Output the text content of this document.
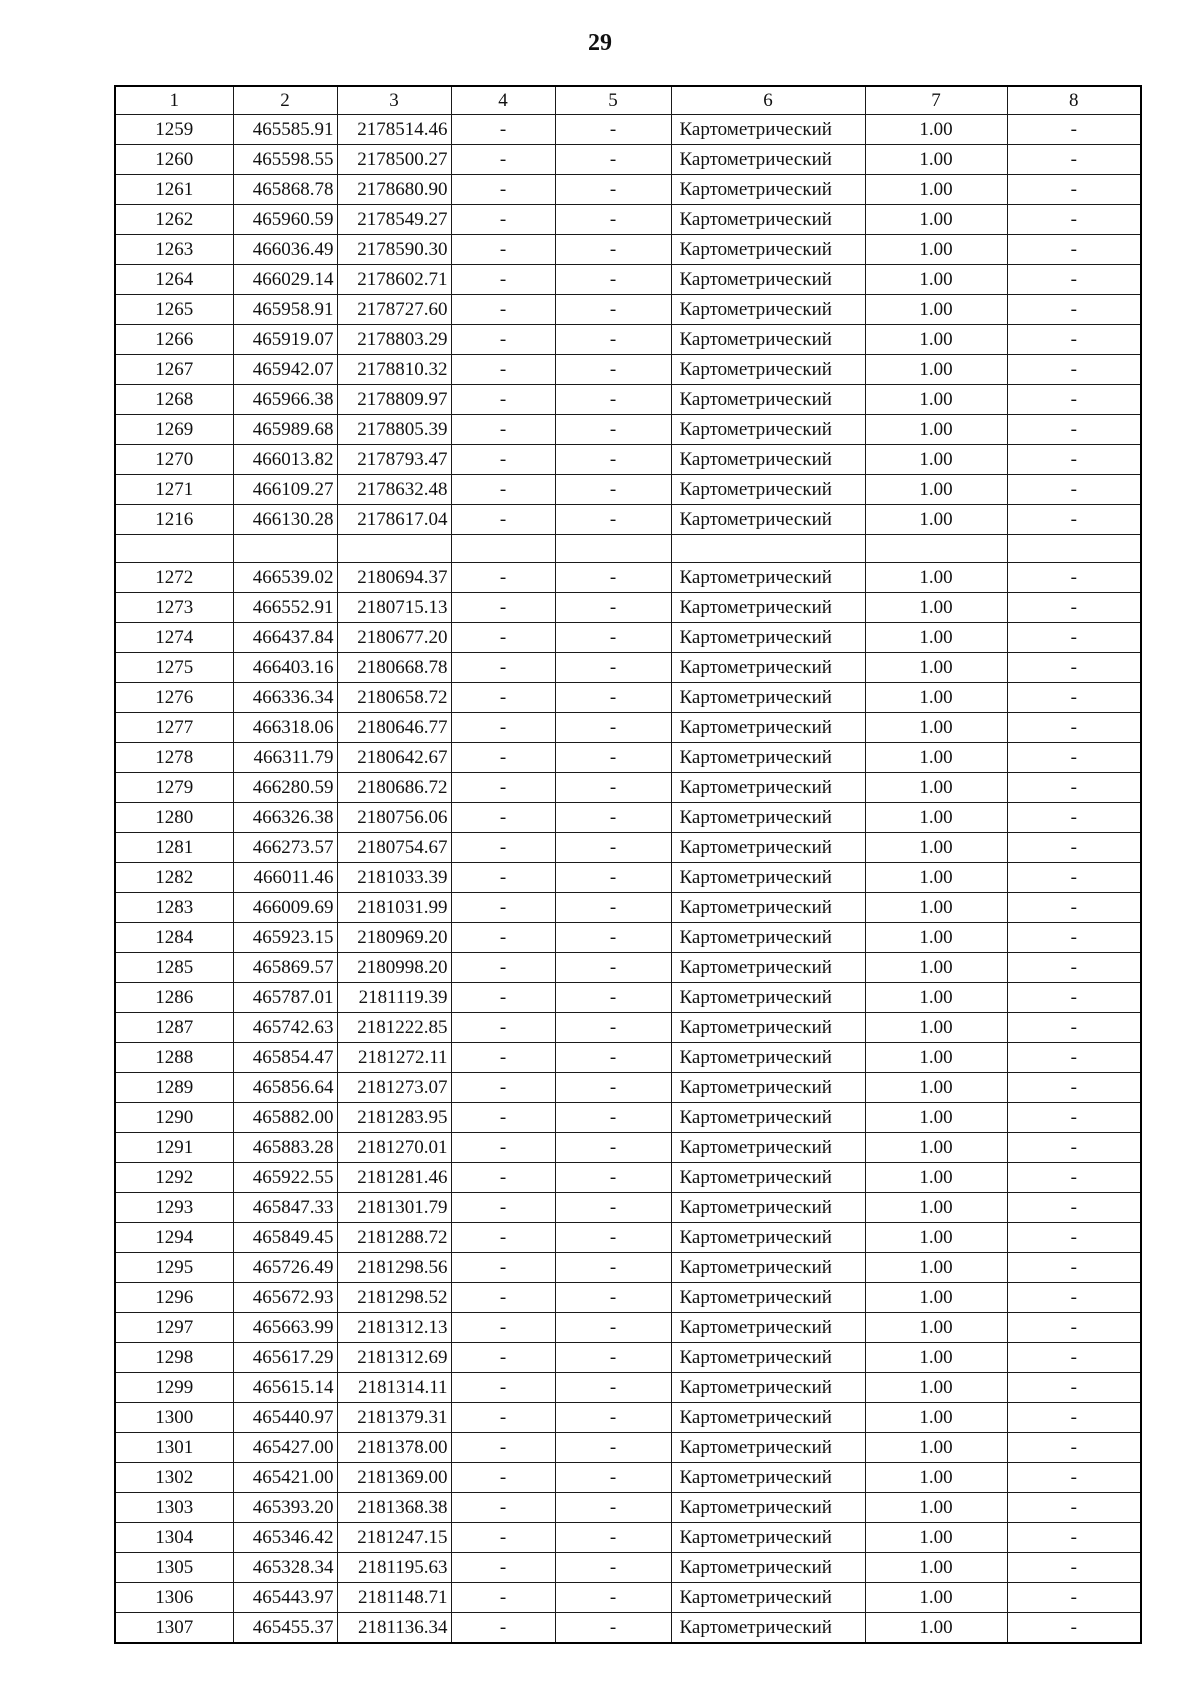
29
1	2	3	4	5	6	7	8
1259	465585.91	2178514.46	-	-	Картометрический	1.00	-
1260	465598.55	2178500.27	-	-	Картометрический	1.00	-
1261	465868.78	2178680.90	-	-	Картометрический	1.00	-
1262	465960.59	2178549.27	-	-	Картометрический	1.00	-
1263	466036.49	2178590.30	-	-	Картометрический	1.00	-
1264	466029.14	2178602.71	-	-	Картометрический	1.00	-
1265	465958.91	2178727.60	-	-	Картометрический	1.00	-
1266	465919.07	2178803.29	-	-	Картометрический	1.00	-
1267	465942.07	2178810.32	-	-	Картометрический	1.00	-
1268	465966.38	2178809.97	-	-	Картометрический	1.00	-
1269	465989.68	2178805.39	-	-	Картометрический	1.00	-
1270	466013.82	2178793.47	-	-	Картометрический	1.00	-
1271	466109.27	2178632.48	-	-	Картометрический	1.00	-
1216	466130.28	2178617.04	-	-	Картометрический	1.00	-

1272	466539.02	2180694.37	-	-	Картометрический	1.00	-
1273	466552.91	2180715.13	-	-	Картометрический	1.00	-
1274	466437.84	2180677.20	-	-	Картометрический	1.00	-
1275	466403.16	2180668.78	-	-	Картометрический	1.00	-
1276	466336.34	2180658.72	-	-	Картометрический	1.00	-
1277	466318.06	2180646.77	-	-	Картометрический	1.00	-
1278	466311.79	2180642.67	-	-	Картометрический	1.00	-
1279	466280.59	2180686.72	-	-	Картометрический	1.00	-
1280	466326.38	2180756.06	-	-	Картометрический	1.00	-
1281	466273.57	2180754.67	-	-	Картометрический	1.00	-
1282	466011.46	2181033.39	-	-	Картометрический	1.00	-
1283	466009.69	2181031.99	-	-	Картометрический	1.00	-
1284	465923.15	2180969.20	-	-	Картометрический	1.00	-
1285	465869.57	2180998.20	-	-	Картометрический	1.00	-
1286	465787.01	2181119.39	-	-	Картометрический	1.00	-
1287	465742.63	2181222.85	-	-	Картометрический	1.00	-
1288	465854.47	2181272.11	-	-	Картометрический	1.00	-
1289	465856.64	2181273.07	-	-	Картометрический	1.00	-
1290	465882.00	2181283.95	-	-	Картометрический	1.00	-
1291	465883.28	2181270.01	-	-	Картометрический	1.00	-
1292	465922.55	2181281.46	-	-	Картометрический	1.00	-
1293	465847.33	2181301.79	-	-	Картометрический	1.00	-
1294	465849.45	2181288.72	-	-	Картометрический	1.00	-
1295	465726.49	2181298.56	-	-	Картометрический	1.00	-
1296	465672.93	2181298.52	-	-	Картометрический	1.00	-
1297	465663.99	2181312.13	-	-	Картометрический	1.00	-
1298	465617.29	2181312.69	-	-	Картометрический	1.00	-
1299	465615.14	2181314.11	-	-	Картометрический	1.00	-
1300	465440.97	2181379.31	-	-	Картометрический	1.00	-
1301	465427.00	2181378.00	-	-	Картометрический	1.00	-
1302	465421.00	2181369.00	-	-	Картометрический	1.00	-
1303	465393.20	2181368.38	-	-	Картометрический	1.00	-
1304	465346.42	2181247.15	-	-	Картометрический	1.00	-
1305	465328.34	2181195.63	-	-	Картометрический	1.00	-
1306	465443.97	2181148.71	-	-	Картометрический	1.00	-
1307	465455.37	2181136.34	-	-	Картометрический	1.00	-
